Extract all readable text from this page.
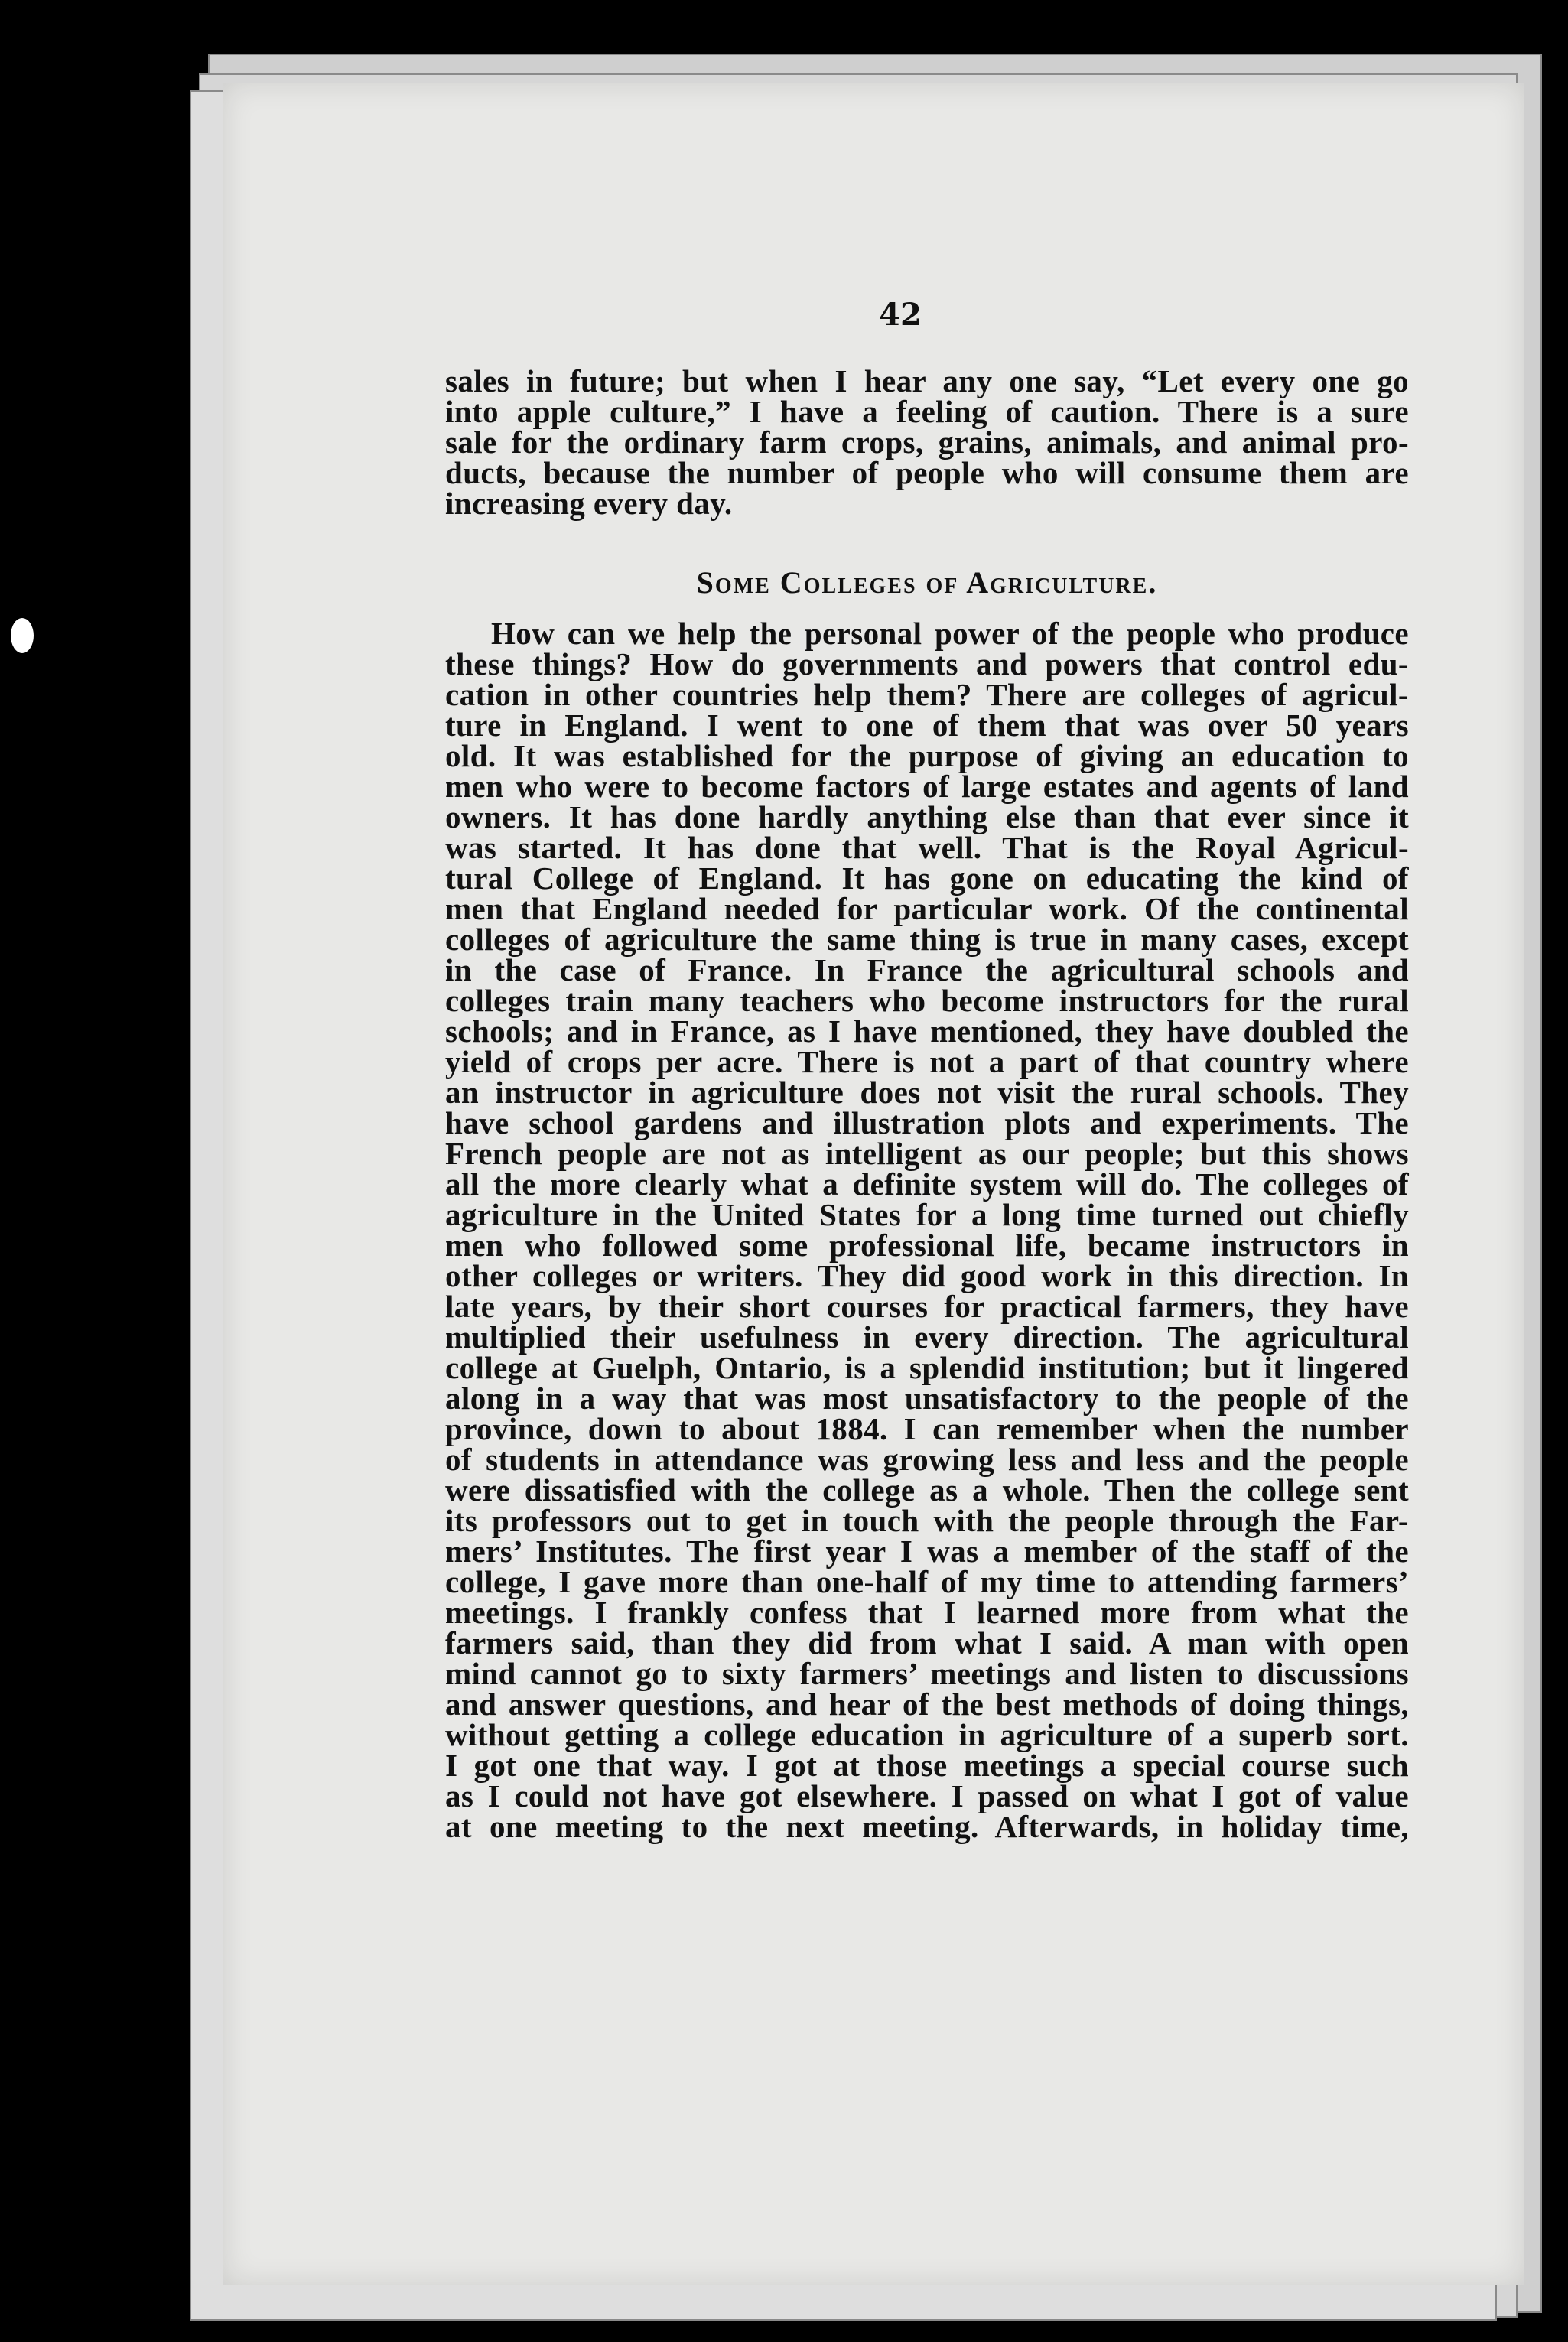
42
sales in future; but when I hear any one say, “Let every one go
into apple culture,” I have a feeling of caution. There is a sure
sale for the ordinary farm crops, grains, animals, and animal pro-
ducts, because the number of people who will consume them are
increasing every day.
Some Colleges of Agriculture.
How can we help the personal power of the people who produce
these things? How do governments and powers that control edu-
cation in other countries help them? There are colleges of agricul-
ture in England. I went to one of them that was over 50 years
old. It was established for the purpose of giving an education to
men who were to become factors of large estates and agents of land
owners. It has done hardly anything else than that ever since it
was started. It has done that well. That is the Royal Agricul-
tural College of England. It has gone on educating the kind of
men that England needed for particular work. Of the continental
colleges of agriculture the same thing is true in many cases, except
in the case of France. In France the agricultural schools and
colleges train many teachers who become instructors for the rural
schools; and in France, as I have mentioned, they have doubled the
yield of crops per acre. There is not a part of that country where
an instructor in agriculture does not visit the rural schools. They
have school gardens and illustration plots and experiments. The
French people are not as intelligent as our people; but this shows
all the more clearly what a definite system will do. The colleges of
agriculture in the United States for a long time turned out chiefly
men who followed some professional life, became instructors in
other colleges or writers. They did good work in this direction. In
late years, by their short courses for practical farmers, they have
multiplied their usefulness in every direction. The agricultural
college at Guelph, Ontario, is a splendid institution; but it lingered
along in a way that was most unsatisfactory to the people of the
province, down to about 1884. I can remember when the number
of students in attendance was growing less and less and the people
were dissatisfied with the college as a whole. Then the college sent
its professors out to get in touch with the people through the Far-
mers’ Institutes. The first year I was a member of the staff of the
college, I gave more than one-half of my time to attending farmers’
meetings. I frankly confess that I learned more from what the
farmers said, than they did from what I said. A man with open
mind cannot go to sixty farmers’ meetings and listen to discussions
and answer questions, and hear of the best methods of doing things,
without getting a college education in agriculture of a superb sort.
I got one that way. I got at those meetings a special course such
as I could not have got elsewhere. I passed on what I got of value
at one meeting to the next meeting. Afterwards, in holiday time,
